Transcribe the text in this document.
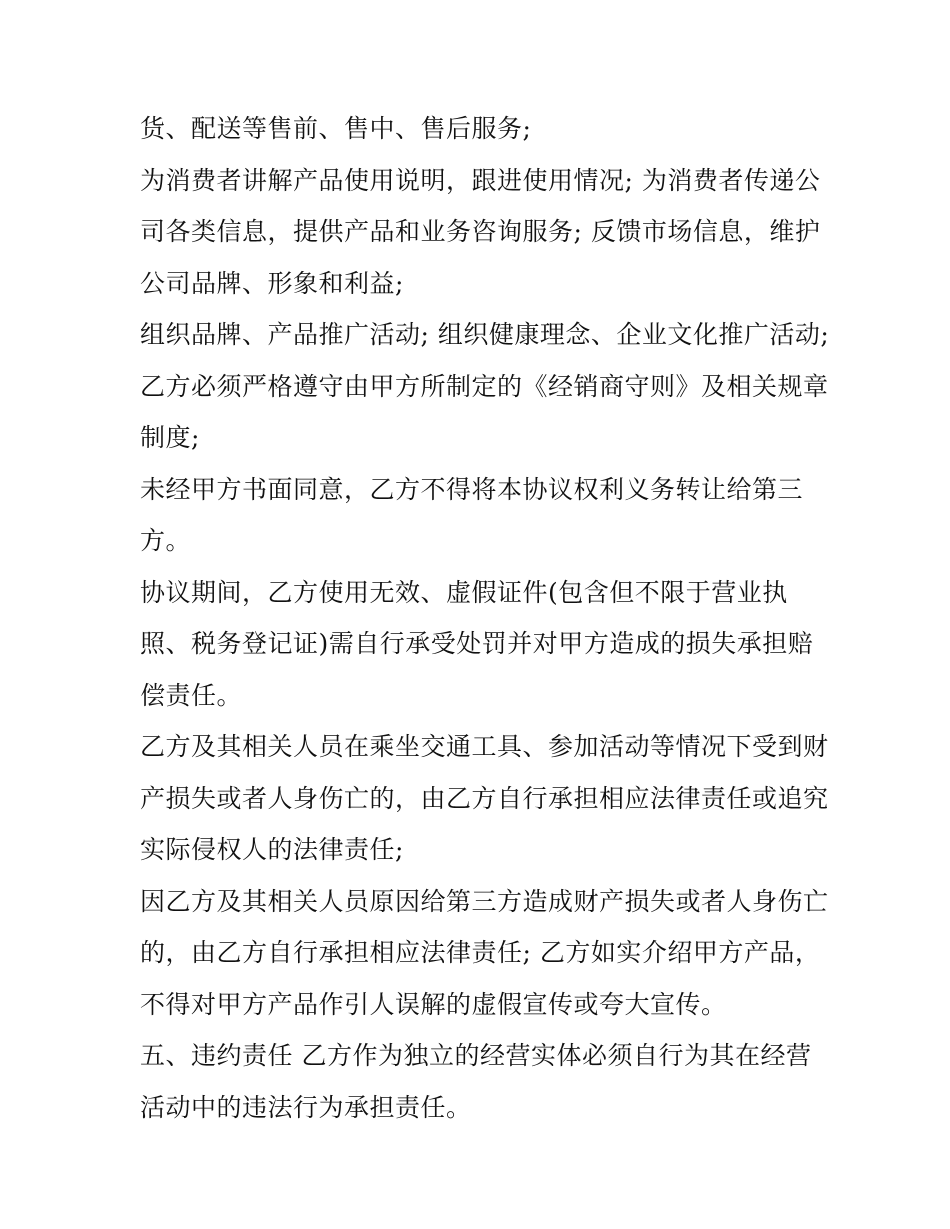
货、配送等售前、售中、售后服务;
为消费者讲解产品使用说明，跟进使用情况; 为消费者传递公
司各类信息，提供产品和业务咨询服务; 反馈市场信息，维护
公司品牌、形象和利益;
组织品牌、产品推广活动; 组织健康理念、企业文化推广活动;
乙方必须严格遵守由甲方所制定的《经销商守则》及相关规章
制度;
未经甲方书面同意，乙方不得将本协议权利义务转让给第三
方。
协议期间，乙方使用无效、虚假证件(包含但不限于营业执
照、税务登记证)需自行承受处罚并对甲方造成的损失承担赔
偿责任。
乙方及其相关人员在乘坐交通工具、参加活动等情况下受到财
产损失或者人身伤亡的，由乙方自行承担相应法律责任或追究
实际侵权人的法律责任;
因乙方及其相关人员原因给第三方造成财产损失或者人身伤亡
的，由乙方自行承担相应法律责任; 乙方如实介绍甲方产品，
不得对甲方产品作引人误解的虚假宣传或夸大宣传。
五、违约责任 乙方作为独立的经营实体必须自行为其在经营
活动中的违法行为承担责任。
